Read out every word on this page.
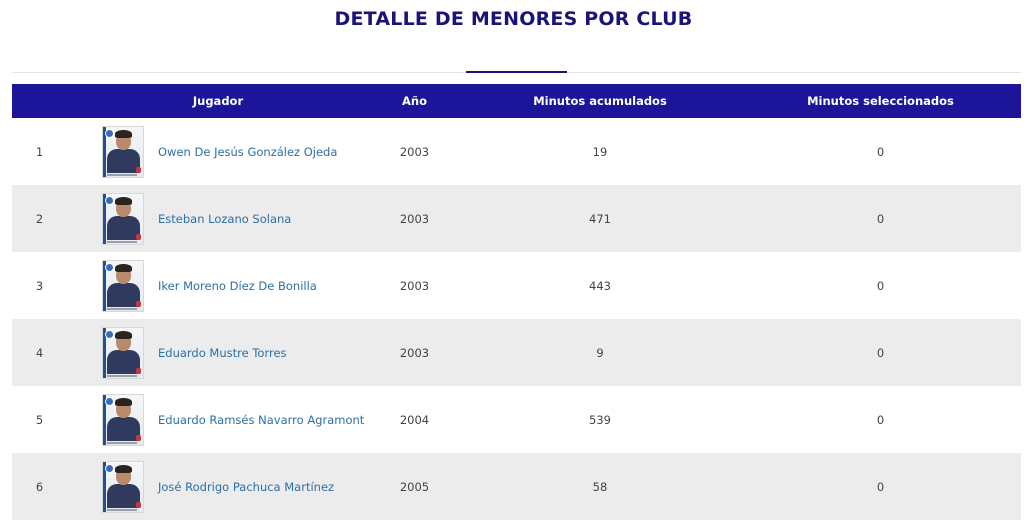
DETALLE DE MENORES POR CLUB
	Jugador	Año	Minutos acumulados	Minutos seleccionados
1	Owen De Jesús González Ojeda	2003	19	0
2	Esteban Lozano Solana	2003	471	0
3	Iker Moreno Díez De Bonilla	2003	443	0
4	Eduardo Mustre Torres	2003	9	0
5	Eduardo Ramsés Navarro Agramont	2004	539	0
6	José Rodrigo Pachuca Martínez	2005	58	0
